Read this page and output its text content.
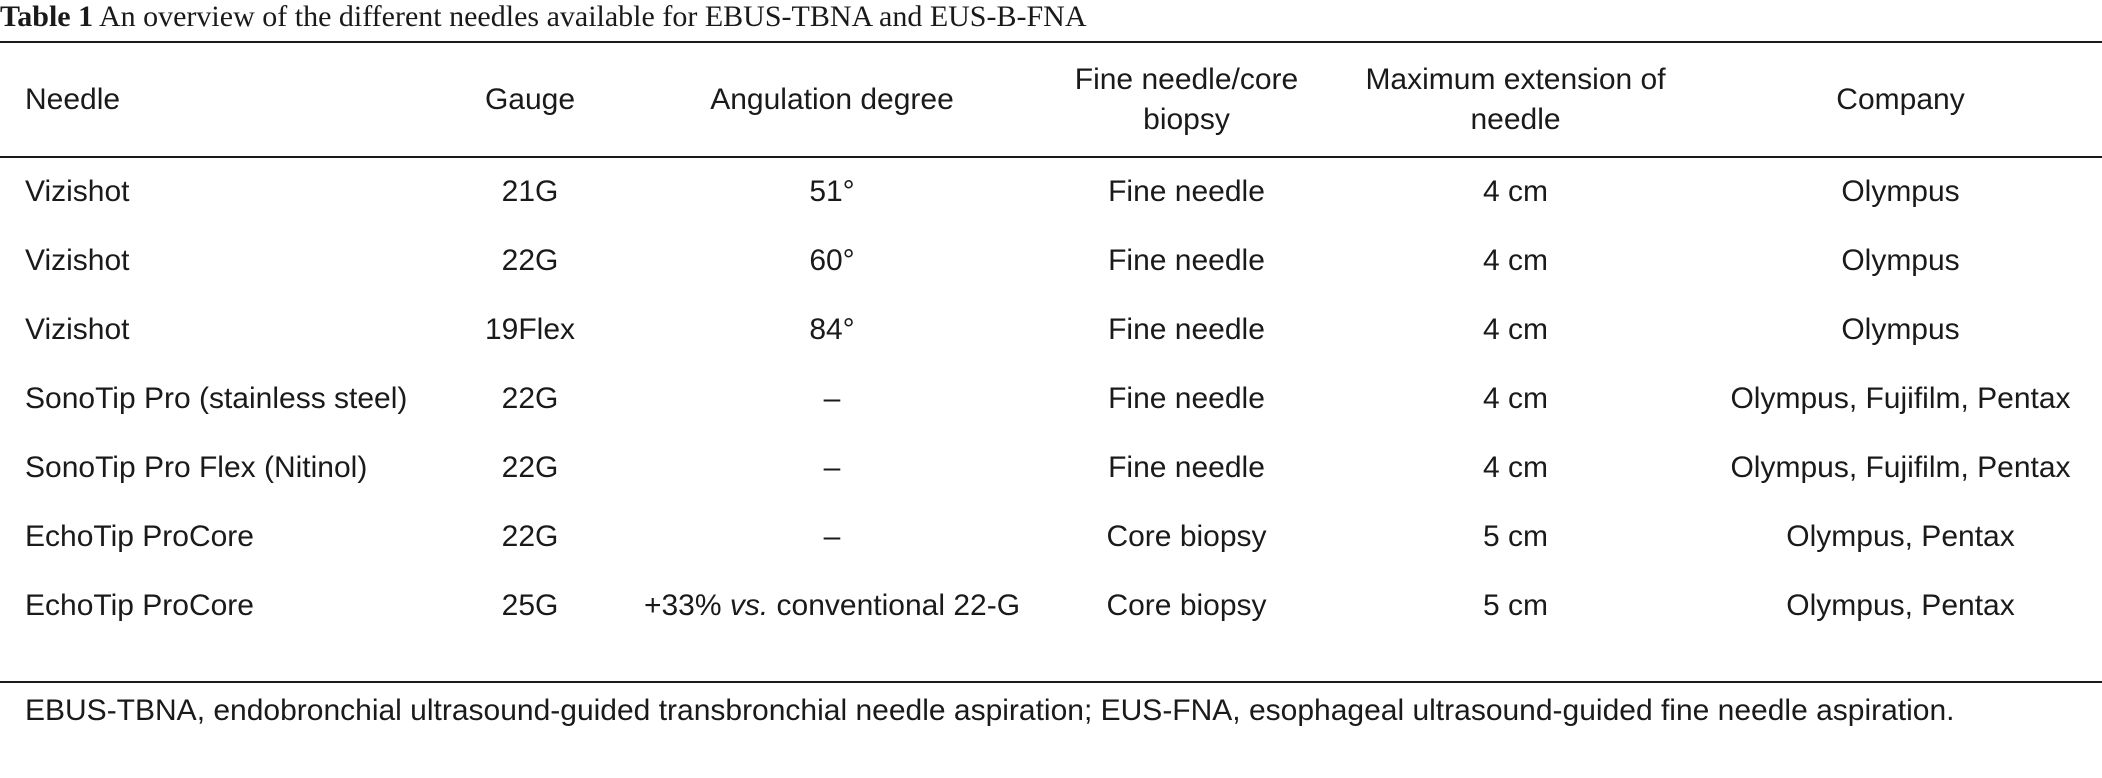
Table 1 An overview of the different needles available for EBUS-TBNA and EUS-B-FNA
Needle	Gauge	Angulation degree	Fine needle/core biopsy	Maximum extension of needle	Company
Vizishot	21G	51°	Fine needle	4 cm	Olympus
Vizishot	22G	60°	Fine needle	4 cm	Olympus
Vizishot	19Flex	84°	Fine needle	4 cm	Olympus
SonoTip Pro (stainless steel)	22G	–	Fine needle	4 cm	Olympus, Fujifilm, Pentax
SonoTip Pro Flex (Nitinol)	22G	–	Fine needle	4 cm	Olympus, Fujifilm, Pentax
EchoTip ProCore	22G	–	Core biopsy	5 cm	Olympus, Pentax
EchoTip ProCore	25G	+33% vs. conventional 22-G	Core biopsy	5 cm	Olympus, Pentax
EBUS-TBNA, endobronchial ultrasound-guided transbronchial needle aspiration; EUS-FNA, esophageal ultrasound-guided fine needle aspiration.
